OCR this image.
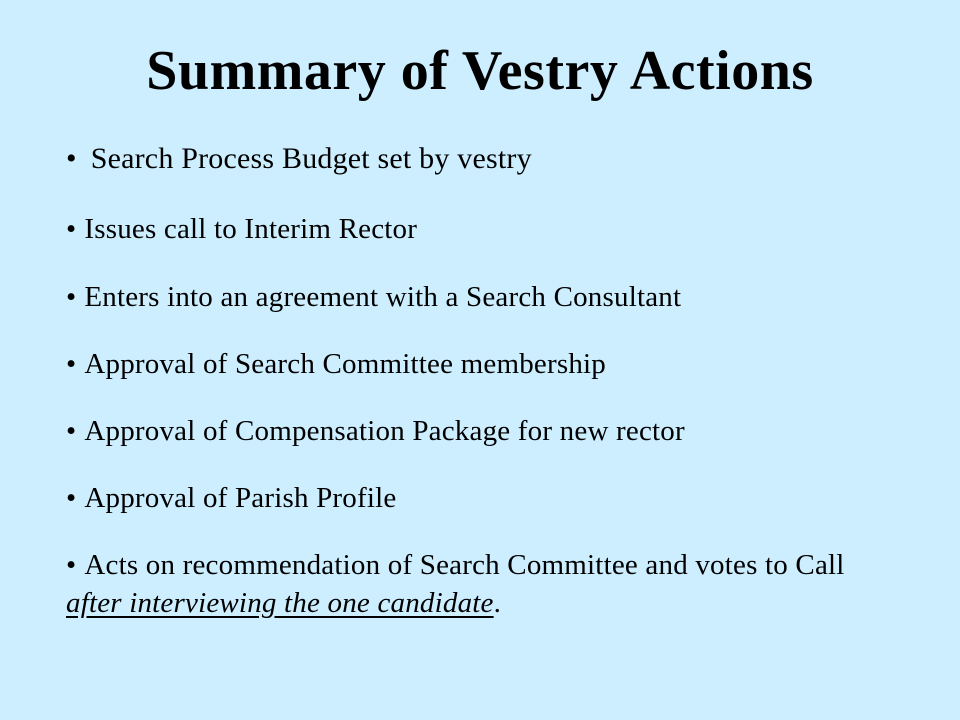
Summary of Vestry Actions

• Search Process Budget set by vestry

• Issues call to Interim Rector

• Enters into an agreement with a Search Consultant

• Approval of Search Committee membership

• Approval of Compensation Package for new rector

• Approval of Parish Profile

• Acts on recommendation of Search Committee and votes to Call after interviewing the one candidate.
